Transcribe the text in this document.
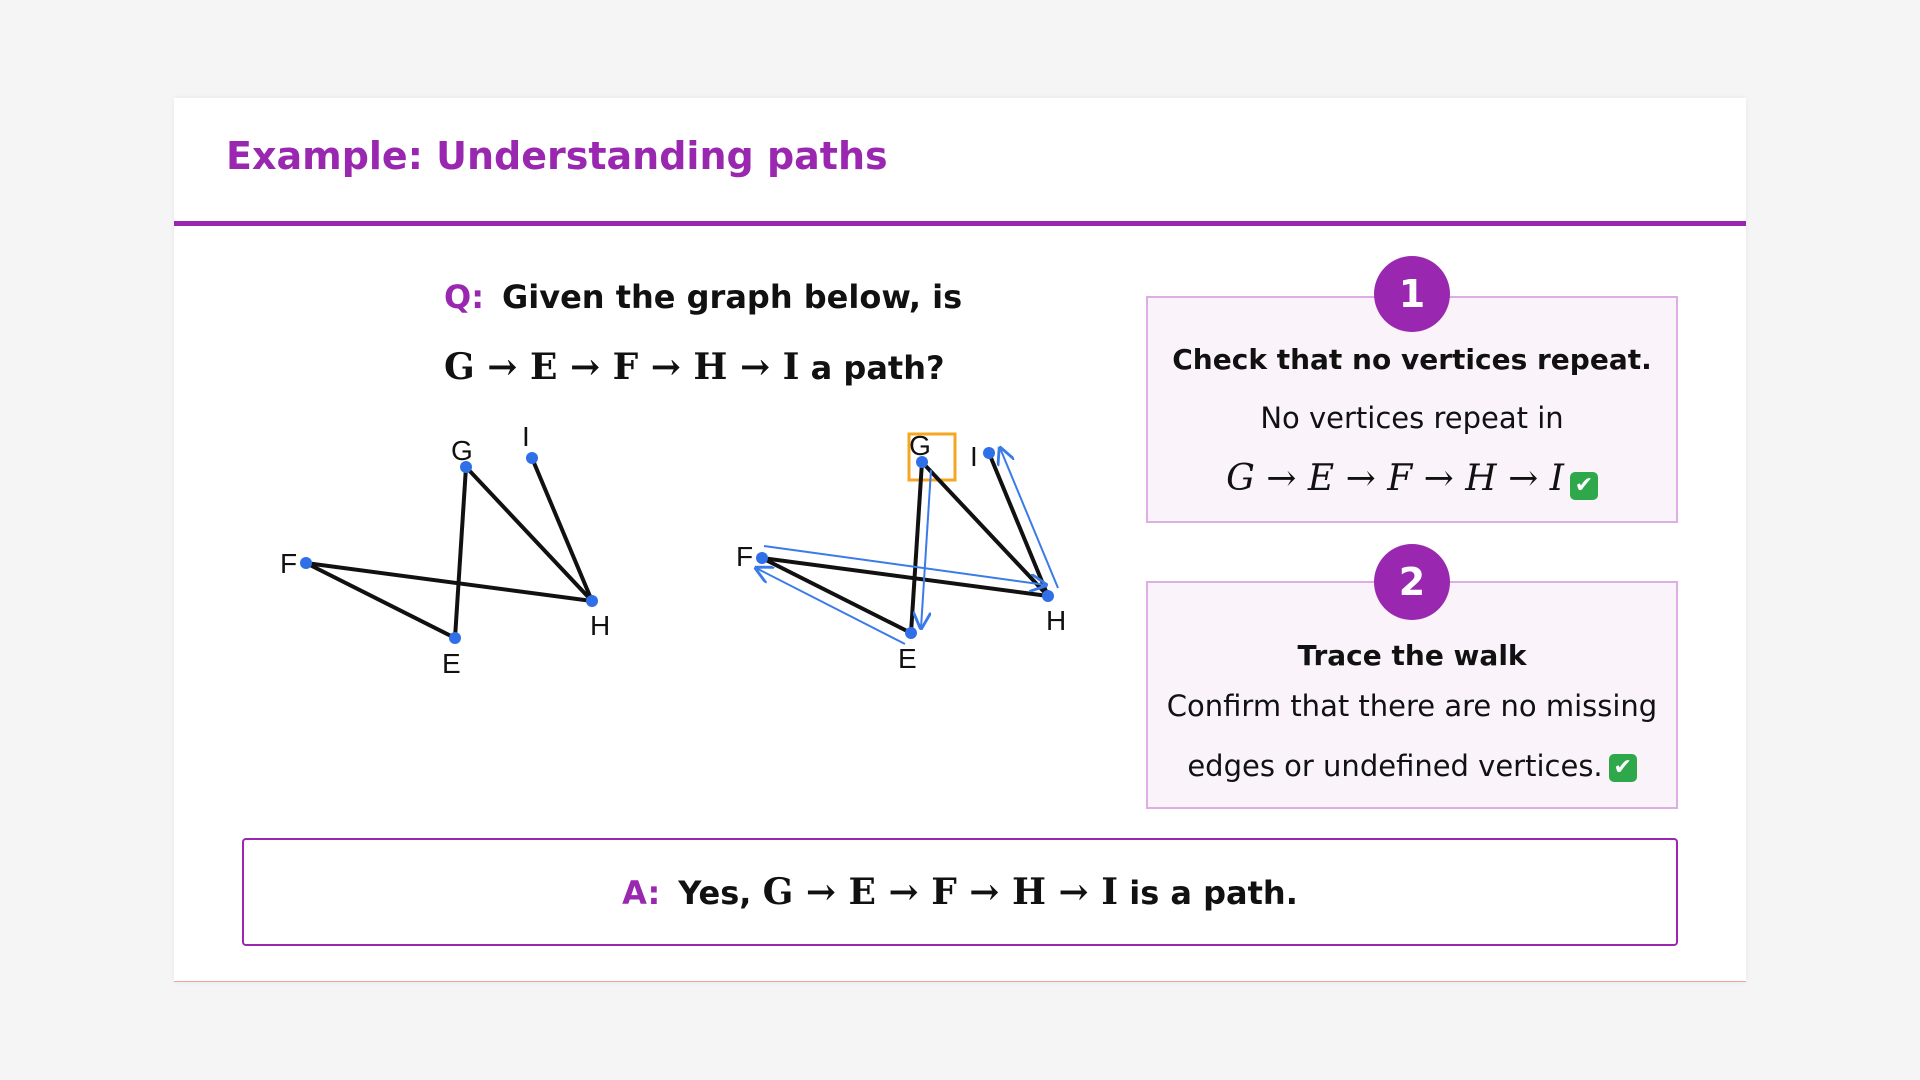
Example: Understanding paths
Q: Given the graph below, is
G → E → F → H → I a path?
G I
F
H
E
G I
F
H
E
Check that no vertices repeat.
No vertices repeat in
G → E → F → H → I ✔
1
Trace the walk
Confirm that there are no missing
edges or undefined vertices. ✔
2
A: Yes, G → E → F → H → I is a path.
